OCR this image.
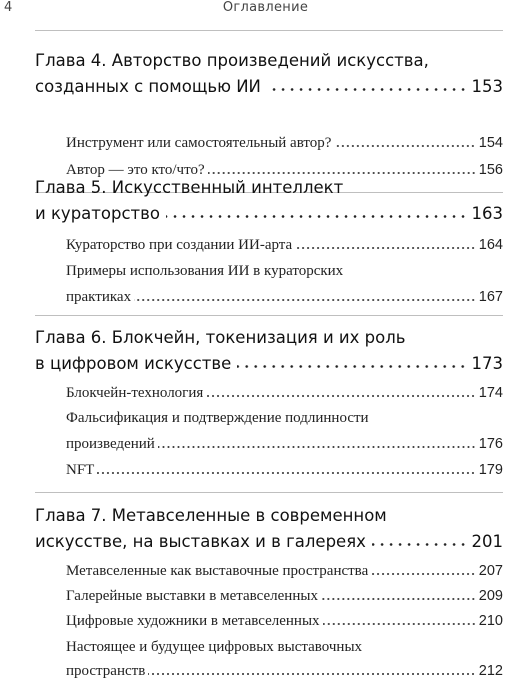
4	Оглавление
Глава 4. Авторство произведений искусства,
созданных с помощью ИИ	153
Инструмент или самостоятельный автор?	154
Автор — это кто/что?	156
Глава 5. Искусственный интеллект
и кураторство	163
Кураторство при создании ИИ-арта	164
Примеры использования ИИ в кураторских
практиках	167
Глава 6. Блокчейн, токенизация и их роль
в цифровом искусстве	173
Блокчейн-технология	174
Фальсификация и подтверждение подлинности
произведений	176
NFT	179
Глава 7. Метавселенные в современном
искусстве, на выставках и в галереях	201
Метавселенные как выставочные пространства	207
Галерейные выставки в метавселенных	209
Цифровые художники в метавселенных	210
Настоящее и будущее цифровых выставочных
пространств	212
